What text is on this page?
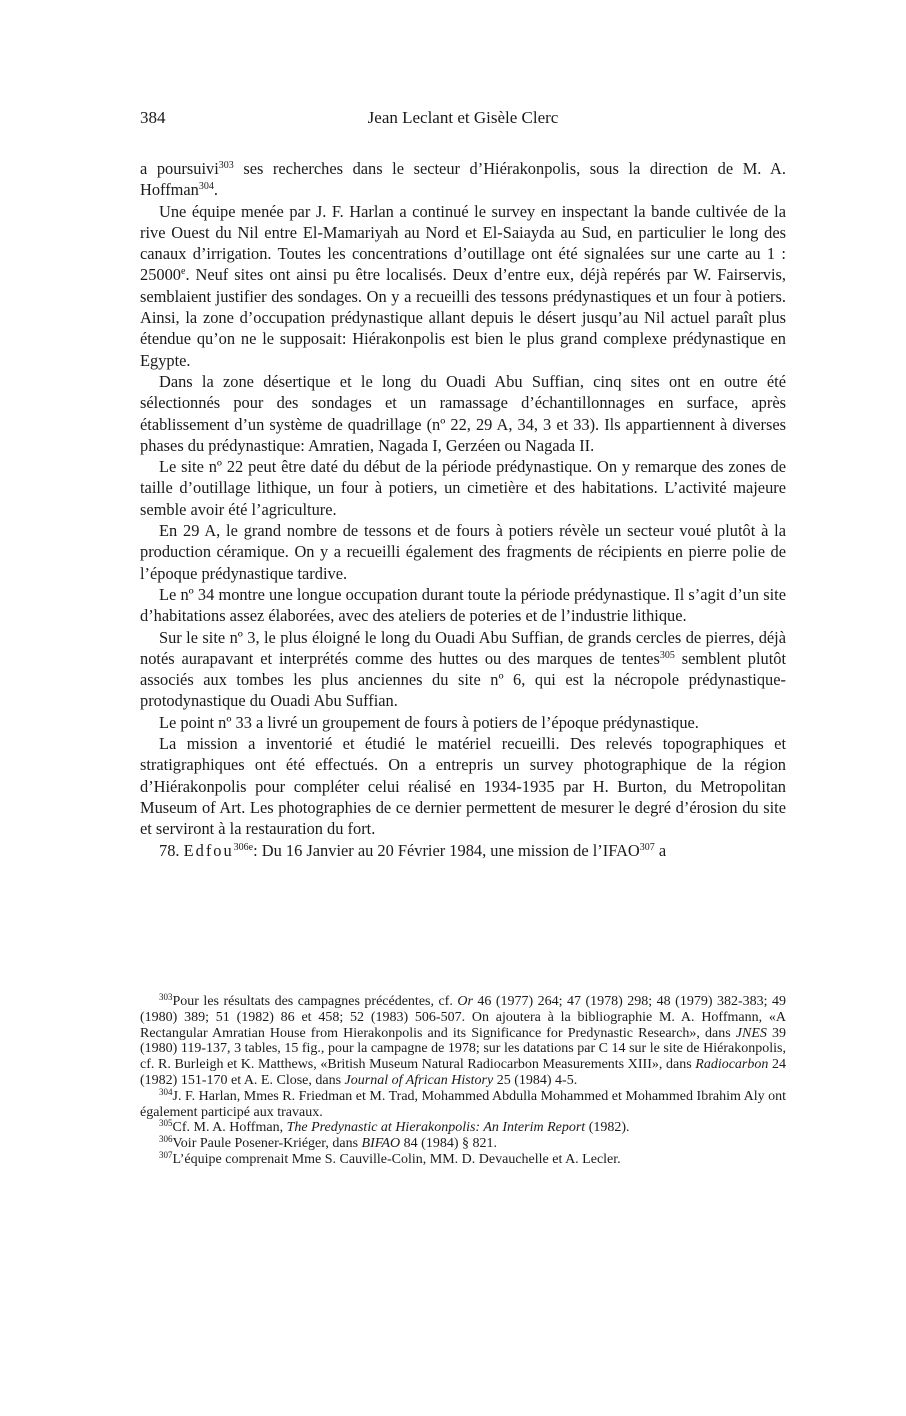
384	Jean Leclant et Gisèle Clerc

a poursuivi$^{303}$ ses recherches dans le secteur d’Hiérakonpolis, sous la direction de M. A. Hoffman$^{304}$.

Une équipe menée par J. F. Harlan a continué le survey en inspectant la bande cultivée de la rive Ouest du Nil entre El-Mamariyah au Nord et El-Saiayda au Sud, en particulier le long des canaux d’irrigation. Toutes les concentrations d’outillage ont été signalées sur une carte au 1 : 25000e. Neuf sites ont ainsi pu être localisés. Deux d’entre eux, déjà repérés par W. Fairservis, semblaient justifier des sondages. On y a recueilli des tessons prédynastiques et un four à potiers. Ainsi, la zone d’occupation prédynastique allant depuis le désert jusqu’au Nil actuel paraît plus étendue qu’on ne le supposait: Hiérakonpolis est bien le plus grand complexe prédynastique en Egypte.

Dans la zone désertique et le long du Ouadi Abu Suffian, cinq sites ont en outre été sélectionnés pour des sondages et un ramassage d’échantillonnages en surface, après établissement d’un système de quadrillage (nº 22, 29 A, 34, 3 et 33). Ils appartiennent à diverses phases du prédynastique: Amratien, Nagada I, Gerzéen ou Nagada II.

Le site nº 22 peut être daté du début de la période prédynastique. On y remarque des zones de taille d’outillage lithique, un four à potiers, un cimetière et des habitations. L’activité majeure semble avoir été l’agriculture.

En 29 A, le grand nombre de tessons et de fours à potiers révèle un secteur voué plutôt à la production céramique. On y a recueilli également des fragments de récipients en pierre polie de l’époque prédynastique tardive.

Le nº 34 montre une longue occupation durant toute la période prédynastique. Il s’agit d’un site d’habitations assez élaborées, avec des ateliers de poteries et de l’industrie lithique.

Sur le site nº 3, le plus éloigné le long du Ouadi Abu Suffian, de grands cercles de pierres, déjà notés aurapavant et interprétés comme des huttes ou des marques de tentes$^{305}$ semblent plutôt associés aux tombes les plus anciennes du site nº 6, qui est la nécropole prédynastique-protodynastique du Ouadi Abu Suffian.

Le point nº 33 a livré un groupement de fours à potiers de l’époque prédynastique.

La mission a inventorié et étudié le matériel recueilli. Des relevés topographiques et stratigraphiques ont été effectués. On a entrepris un survey photographique de la région d’Hiérakonpolis pour compléter celui réalisé en 1934-1935 par H. Burton, du Metropolitan Museum of Art. Les photographies de ce dernier permettent de mesurer le degré d’érosion du site et serviront à la restauration du fort.

78. Edfou$^{306e}$: Du 16 Janvier au 20 Février 1984, une mission de l’IFAO$^{307}$ a

$^{303}$Pour les résultats des campagnes précédentes, cf. Or 46 (1977) 264; 47 (1978) 298; 48 (1979) 382-383; 49 (1980) 389; 51 (1982) 86 et 458; 52 (1983) 506-507. On ajoutera à la bibliographie M. A. Hoffmann, «A Rectangular Amratian House from Hierakonpolis and its Significance for Predynastic Research», dans JNES 39 (1980) 119-137, 3 tables, 15 fig., pour la campagne de 1978; sur les datations par C 14 sur le site de Hiérakonpolis, cf. R. Burleigh et K. Matthews, «British Museum Natural Radiocarbon Measurements XIII», dans Radiocarbon 24 (1982) 151-170 et A. E. Close, dans Journal of African History 25 (1984) 4-5.

$^{304}$J. F. Harlan, Mmes R. Friedman et M. Trad, Mohammed Abdulla Mohammed et Mohammed Ibrahim Aly ont également participé aux travaux.

$^{305}$Cf. M. A. Hoffman, The Predynastic at Hierakonpolis: An Interim Report (1982).

$^{306}$Voir Paule Posener-Kriéger, dans BIFAO 84 (1984) § 821.

$^{307}$L’équipe comprenait Mme S. Cauville-Colin, MM. D. Devauchelle et A. Lecler.
